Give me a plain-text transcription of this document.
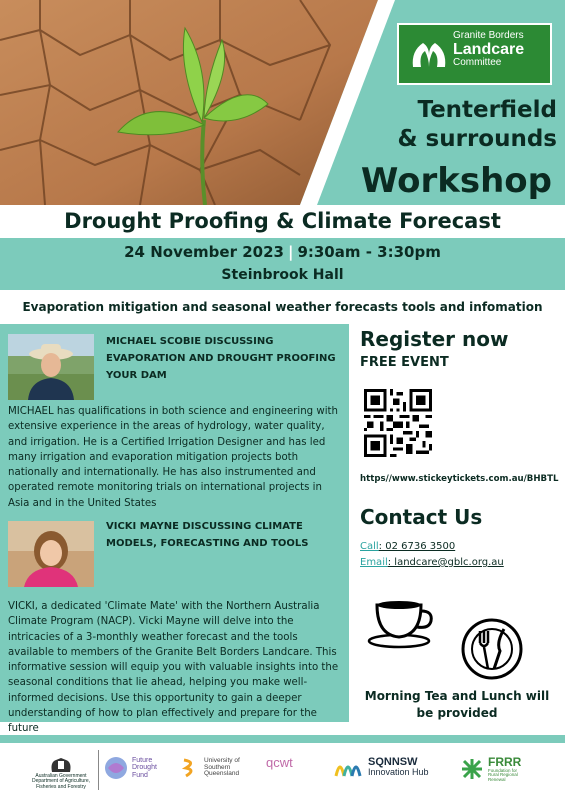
Granite Borders
Landcare
Committee
Tenterfield
& surrounds
Workshop
Drought Proofing & Climate Forecast
24 November 2023 | 9:30am - 3:30pm
Steinbrook Hall
Evaporation mitigation and seasonal weather forecasts tools and infomation
MICHAEL SCOBIE DISCUSSING EVAPORATION AND DROUGHT PROOFING YOUR DAM
MICHAEL has qualifications in both science and engineering with extensive experience in the areas of hydrology, water quality, and irrigation. He is a Certified Irrigation Designer and has led many irrigation and evaporation mitigation projects both nationally and internationally. He has also instrumented and operated remote monitoring trials on international projects in Asia and in the United States
VICKI MAYNE DISCUSSING CLIMATE MODELS, FORECASTING AND TOOLS
VICKI, a dedicated 'Climate Mate' with the Northern Australia Climate Program (NACP). Vicki Mayne will delve into the intricacies of a 3-monthly weather forecast and the tools available to members of the Granite Belt Borders Landcare. This informative session will equip you with valuable insights into the seasonal conditions that lie ahead, helping you make well-informed decisions. Use this opportunity to gain a deeper understanding of how to plan effectively and prepare for the future
Register now
FREE EVENT
https//www.stickeytickets.com.au/BHBTL
Contact Us
Call: 02 6736 3500
Email: landcare@gblc.org.au
Morning Tea and Lunch will be provided
Australian Government Department of Agriculture, Fisheries and Forestry
Future Drought Fund
University of Southern Queensland
qcwt	SQNNSW
Innovation Hub
FRRR
Foundation for Rural Regional Renewal
